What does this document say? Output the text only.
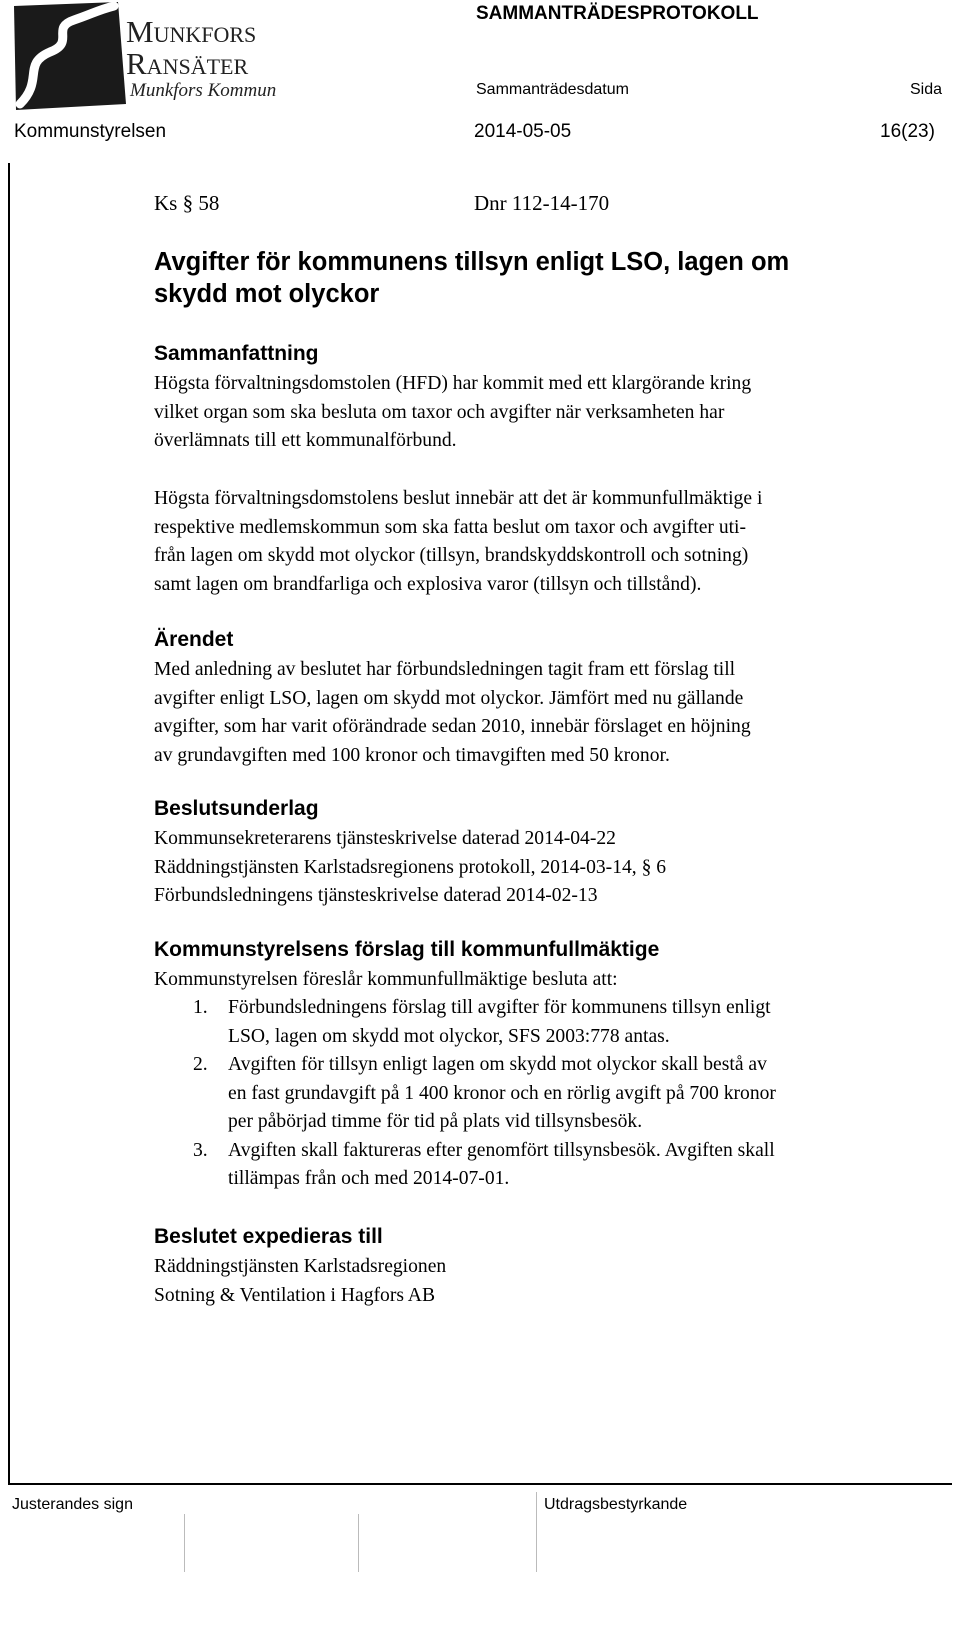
Munkfors
Ransäter
Munkfors Kommun
SAMMANTRÄDESPROTOKOLL
Sammanträdesdatum	Sida
Kommunstyrelsen	2014-05-05	16(23)
Ks § 58	Dnr 112-14-170
Avgifter för kommunens tillsyn enligt LSO, lagen om
skydd mot olyckor
Sammanfattning
Högsta förvaltningsdomstolen (HFD) har kommit med ett klargörande kring
vilket organ som ska besluta om taxor och avgifter när verksamheten har
överlämnats till ett kommunalförbund.
Högsta förvaltningsdomstolens beslut innebär att det är kommunfullmäktige i
respektive medlemskommun som ska fatta beslut om taxor och avgifter uti-
från lagen om skydd mot olyckor (tillsyn, brandskyddskontroll och sotning)
samt lagen om brandfarliga och explosiva varor (tillsyn och tillstånd).
Ärendet
Med anledning av beslutet har förbundsledningen tagit fram ett förslag till
avgifter enligt LSO, lagen om skydd mot olyckor. Jämfört med nu gällande
avgifter, som har varit oförändrade sedan 2010, innebär förslaget en höjning
av grundavgiften med 100 kronor och timavgiften med 50 kronor.
Beslutsunderlag
Kommunsekreterarens tjänsteskrivelse daterad 2014-04-22
Räddningstjänsten Karlstadsregionens protokoll, 2014-03-14, § 6
Förbundsledningens tjänsteskrivelse daterad 2014-02-13
Kommunstyrelsens förslag till kommunfullmäktige
Kommunstyrelsen föreslår kommunfullmäktige besluta att:
1. Förbundsledningens förslag till avgifter för kommunens tillsyn enligt
LSO, lagen om skydd mot olyckor, SFS 2003:778 antas.
2. Avgiften för tillsyn enligt lagen om skydd mot olyckor skall bestå av
en fast grundavgift på 1 400 kronor och en rörlig avgift på 700 kronor
per påbörjad timme för tid på plats vid tillsynsbesök.
3. Avgiften skall faktureras efter genomfört tillsynsbesök. Avgiften skall
tillämpas från och med 2014-07-01.
Beslutet expedieras till
Räddningstjänsten Karlstadsregionen
Sotning & Ventilation i Hagfors AB
Justerandes sign	Utdragsbestyrkande
